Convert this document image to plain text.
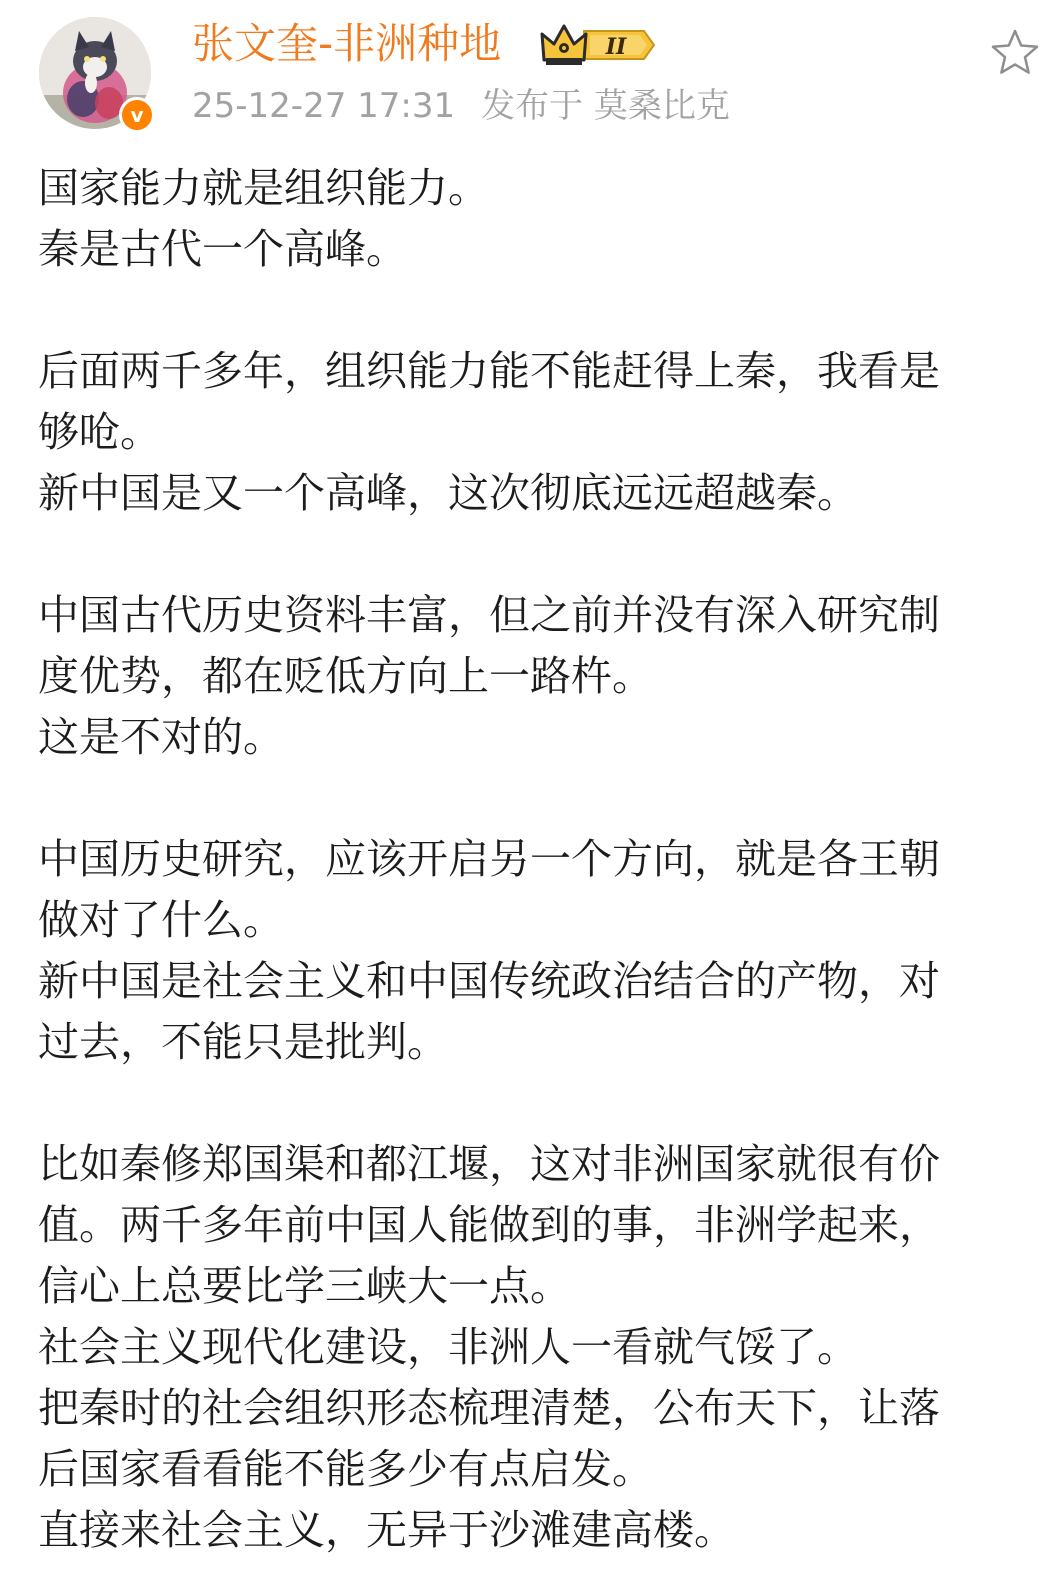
v
张文奎-非洲种地	II
25-12-27 17:31 发布于 莫桑比克
国家能力就是组织能力。
秦是古代一个高峰。
后面两千多年，组织能力能不能赶得上秦，我看是
够呛。
新中国是又一个高峰，这次彻底远远超越秦。
中国古代历史资料丰富，但之前并没有深入研究制
度优势，都在贬低方向上一路杵。
这是不对的。
中国历史研究，应该开启另一个方向，就是各王朝
做对了什么。
新中国是社会主义和中国传统政治结合的产物，对
过去，不能只是批判。
比如秦修郑国渠和都江堰，这对非洲国家就很有价
值。两千多年前中国人能做到的事，非洲学起来，
信心上总要比学三峡大一点。
社会主义现代化建设，非洲人一看就气馁了。
把秦时的社会组织形态梳理清楚，公布天下，让落
后国家看看能不能多少有点启发。
直接来社会主义，无异于沙滩建高楼。
